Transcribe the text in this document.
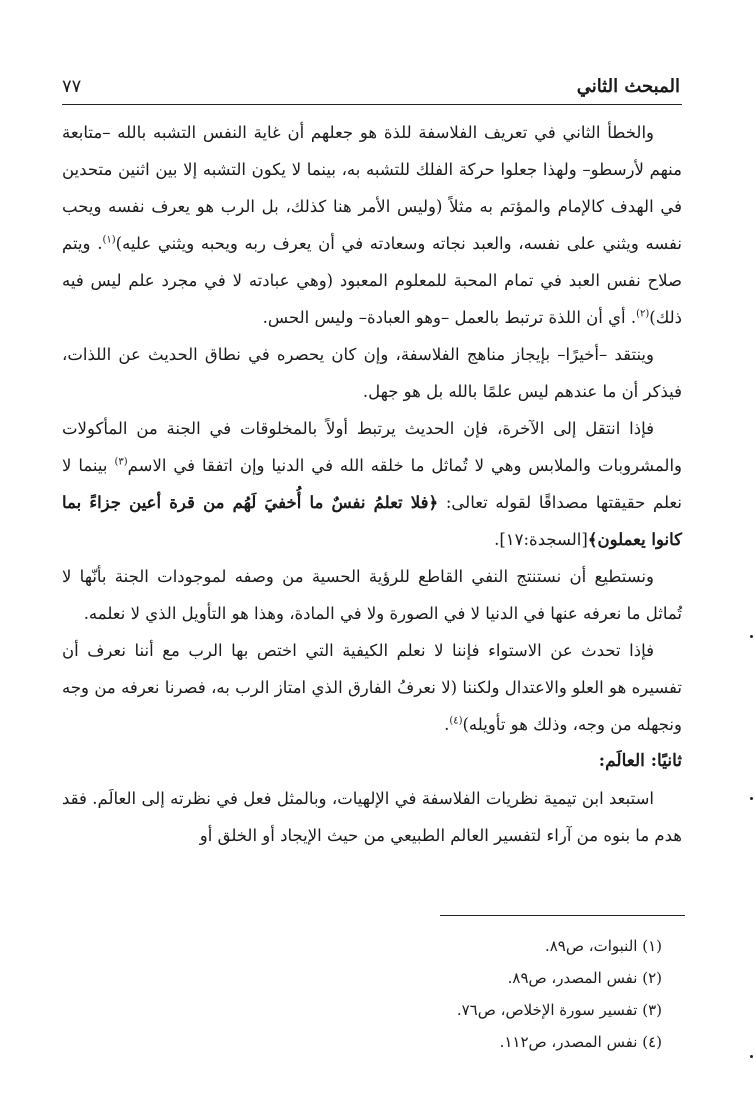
المبحث الثاني
٧٧

والخطأ الثاني في تعريف الفلاسفة للذة هو جعلهم أن غاية النفس التشبه بالله –متابعة منهم لأرسطو– ولهذا جعلوا حركة الفلك للتشبه به، بينما لا يكون التشبه إلا بين اثنين متحدين في الهدف كالإمام والمؤتم به مثلاً (وليس الأمر هنا كذلك، بل الرب هو يعرف نفسه ويحب نفسه ويثني على نفسه، والعبد نجاته وسعادته في أن يعرف ربه ويحبه ويثني عليه)$^{(١)}$. ويتم صلاح نفس العبد في تمام المحبة للمعلوم المعبود (وهي عبادته لا في مجرد علم ليس فيه ذلك)$^{(٢)}$. أي أن اللذة ترتبط بالعمل –وهو العبادة– وليس الحس.

وينتقد –أخيرًا– بإيجاز مناهج الفلاسفة، وإن كان يحصره في نطاق الحديث عن اللذات، فيذكر أن ما عندهم ليس علمًا بالله بل هو جهل.

فإذا انتقل إلى الآخرة، فإن الحديث يرتبط أولاً بالمخلوقات في الجنة من المأكولات والمشروبات والملابس وهي لا تُماثل ما خلقه الله في الدنيا وإن اتفقا في الاسم$^{(٣)}$ بينما لا نعلم حقيقتها مصداقًا لقوله تعالى: ﴿فلا تعلمُ نفسٌ ما أُخفيَ لَهُم من قرة أعين جزاءً بما كانوا يعملون﴾[السجدة:١٧].

ونستطيع أن نستنتج النفي القاطع للرؤية الحسية من وصفه لموجودات الجنة بأنّها لا تُماثل ما نعرفه عنها في الدنيا لا في الصورة ولا في المادة، وهذا هو التأويل الذي لا نعلمه.

فإذا تحدث عن الاستواء فإننا لا نعلم الكيفية التي اختص بها الرب مع أننا نعرف أن تفسيره هو العلو والاعتدال ولكننا (لا نعرفُ الفارق الذي امتاز الرب به، فصرنا نعرفه من وجه ونجهله من وجه، وذلك هو تأويله)$^{(٤)}$.

ثانيًا: العالَم:

استبعد ابن تيمية نظريات الفلاسفة في الإلهيات، وبالمثل فعل في نظرته إلى العالَم. فقد هدم ما بنوه من آراء لتفسير العالم الطبيعي من حيث الإيجاد أو الخلق أو

(١) النبوات، ص٨٩.
(٢) نفس المصدر، ص٨٩.
(٣) تفسير سورة الإخلاص، ص٧٦.
(٤) نفس المصدر، ص١١٢.
